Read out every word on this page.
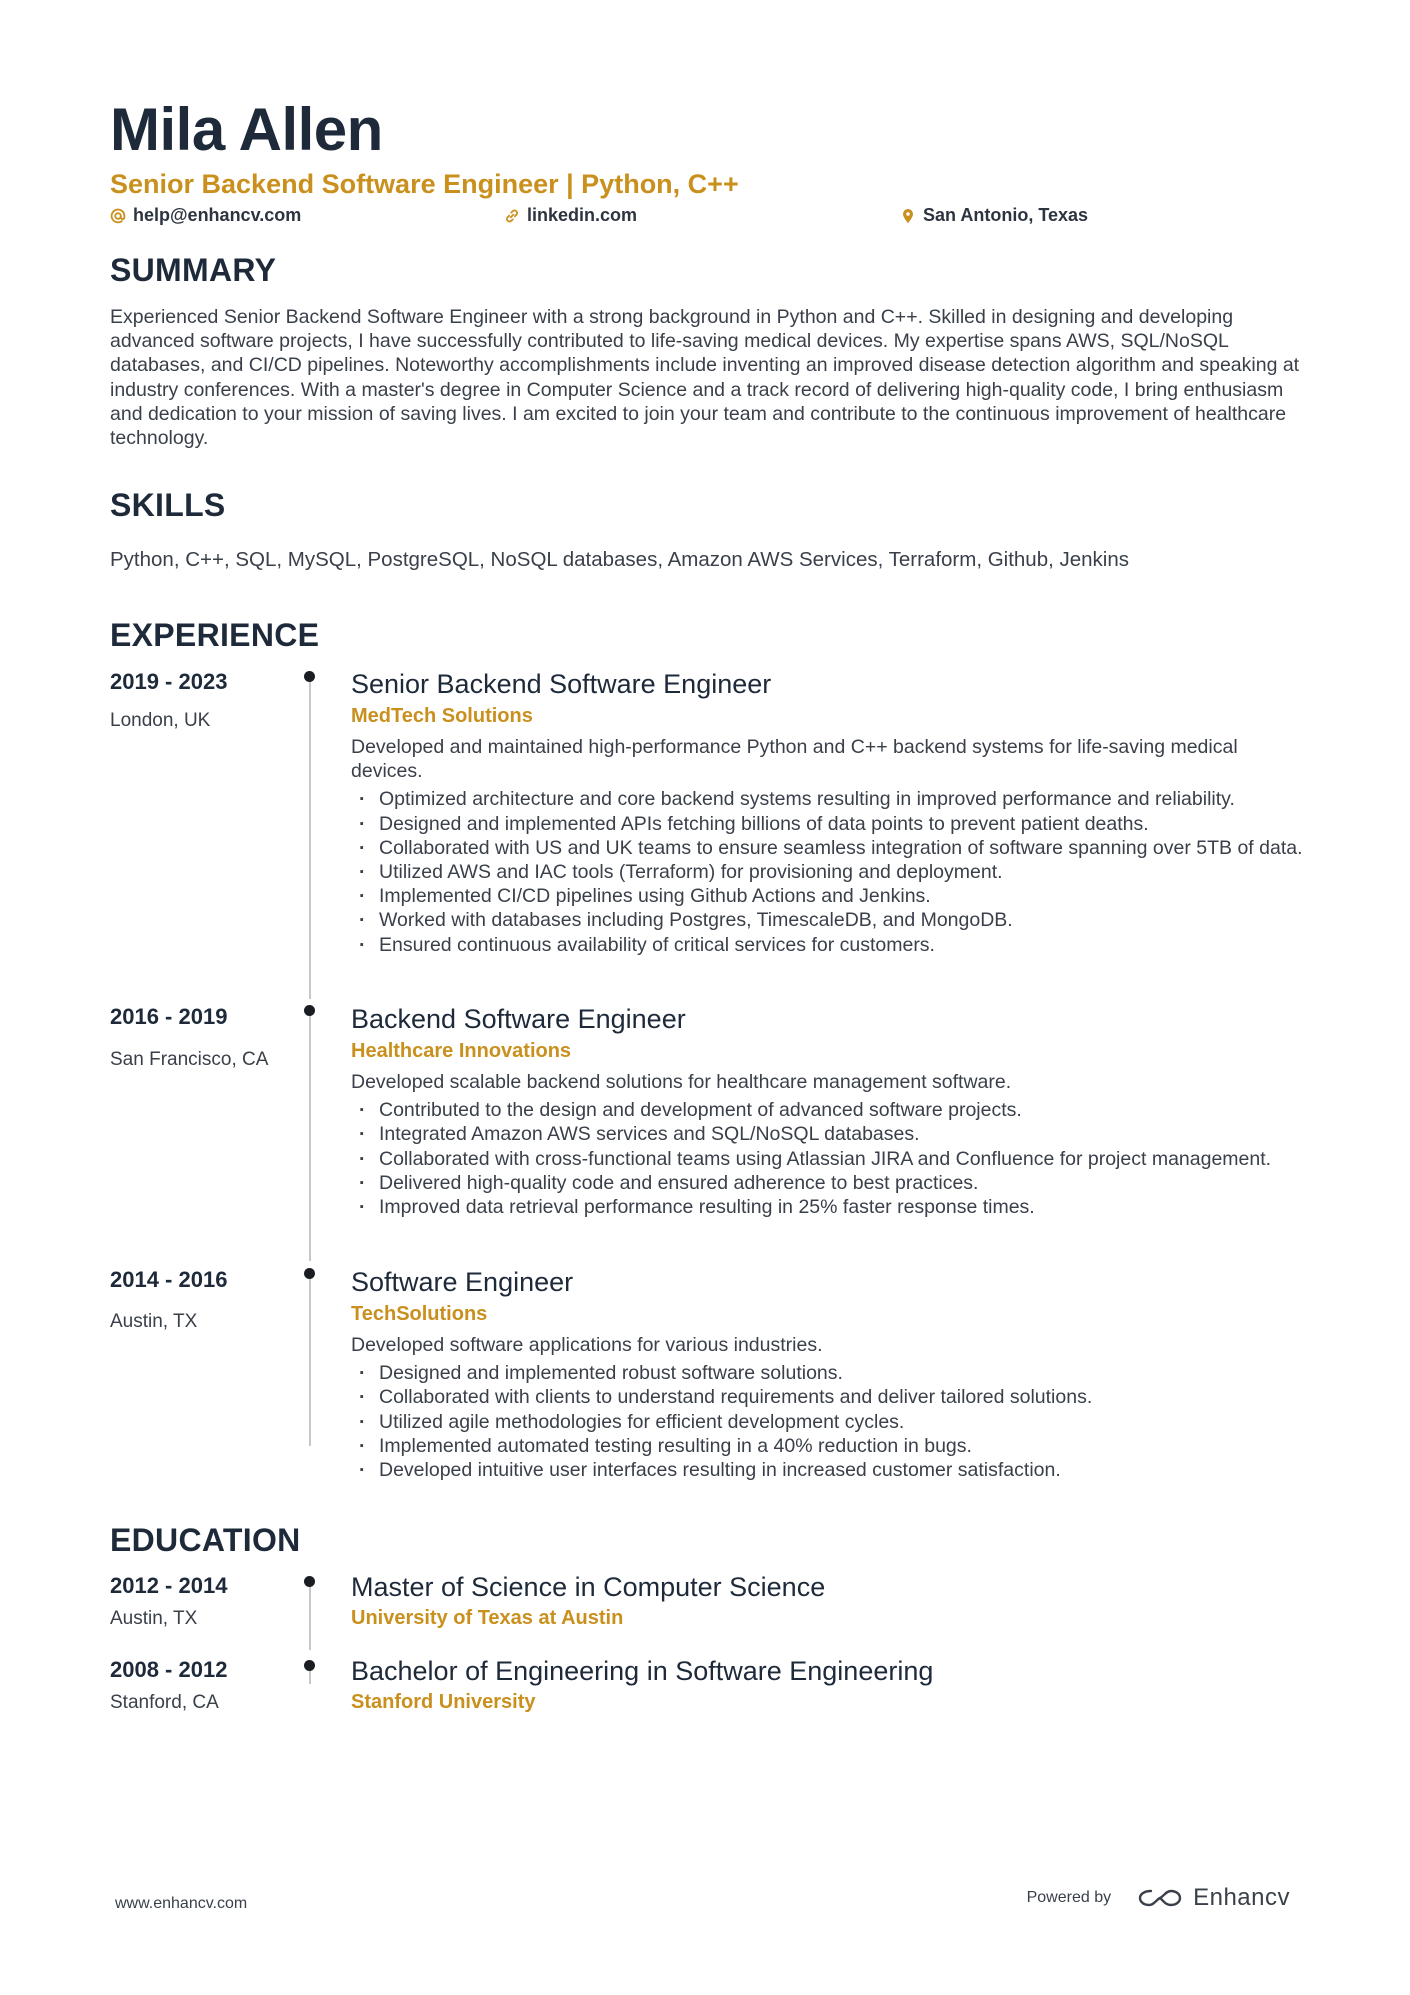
Mila Allen
Senior Backend Software Engineer | Python, C++
help@enhancv.com	linkedin.com	San Antonio, Texas
SUMMARY
Experienced Senior Backend Software Engineer with a strong background in Python and C++. Skilled in designing and developing advanced software projects, I have successfully contributed to life-saving medical devices. My expertise spans AWS, SQL/NoSQL databases, and CI/CD pipelines. Noteworthy accomplishments include inventing an improved disease detection algorithm and speaking at industry conferences. With a master's degree in Computer Science and a track record of delivering high-quality code, I bring enthusiasm and dedication to your mission of saving lives. I am excited to join your team and contribute to the continuous improvement of healthcare technology.
SKILLS
Python, C++, SQL, MySQL, PostgreSQL, NoSQL databases, Amazon AWS Services, Terraform, Github, Jenkins
EXPERIENCE
2019 - 2023
London, UK
Senior Backend Software Engineer
MedTech Solutions
Developed and maintained high-performance Python and C++ backend systems for life-saving medical devices.
· Optimized architecture and core backend systems resulting in improved performance and reliability.
· Designed and implemented APIs fetching billions of data points to prevent patient deaths.
· Collaborated with US and UK teams to ensure seamless integration of software spanning over 5TB of data.
· Utilized AWS and IAC tools (Terraform) for provisioning and deployment.
· Implemented CI/CD pipelines using Github Actions and Jenkins.
· Worked with databases including Postgres, TimescaleDB, and MongoDB.
· Ensured continuous availability of critical services for customers.
2016 - 2019
San Francisco, CA
Backend Software Engineer
Healthcare Innovations
Developed scalable backend solutions for healthcare management software.
· Contributed to the design and development of advanced software projects.
· Integrated Amazon AWS services and SQL/NoSQL databases.
· Collaborated with cross-functional teams using Atlassian JIRA and Confluence for project management.
· Delivered high-quality code and ensured adherence to best practices.
· Improved data retrieval performance resulting in 25% faster response times.
2014 - 2016
Austin, TX
Software Engineer
TechSolutions
Developed software applications for various industries.
· Designed and implemented robust software solutions.
· Collaborated with clients to understand requirements and deliver tailored solutions.
· Utilized agile methodologies for efficient development cycles.
· Implemented automated testing resulting in a 40% reduction in bugs.
· Developed intuitive user interfaces resulting in increased customer satisfaction.
EDUCATION
2012 - 2014
Austin, TX
Master of Science in Computer Science
University of Texas at Austin
2008 - 2012
Stanford, CA
Bachelor of Engineering in Software Engineering
Stanford University
www.enhancv.com	Powered by	Enhancv
